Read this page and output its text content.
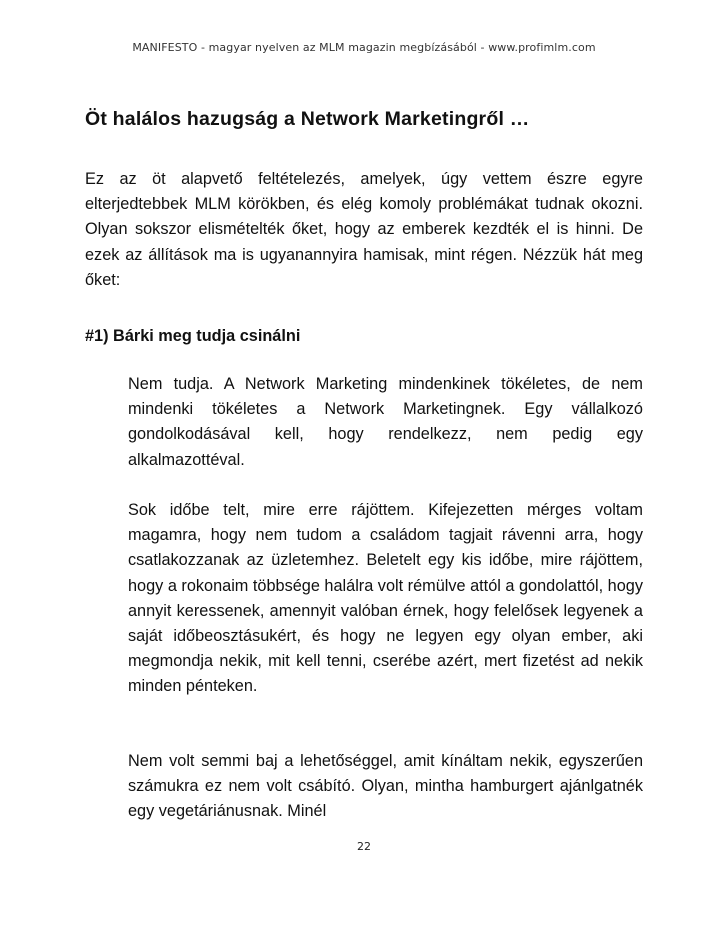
MANIFESTO - magyar nyelven az MLM magazin megbízásából - www.profimlm.com
Öt halálos hazugság a Network Marketingről …

Ez az öt alapvető feltételezés, amelyek, úgy vettem észre egyre elterjedtebbek MLM körökben, és elég komoly problémákat tudnak okozni. Olyan sokszor elismételték őket, hogy az emberek kezdték el is hinni. De ezek az állítások ma is ugyanannyira hamisak, mint régen. Nézzük hát meg őket:

#1) Bárki meg tudja csinálni

Nem tudja. A Network Marketing mindenkinek tökéletes, de nem mindenki tökéletes a Network Marketingnek. Egy vállalkozó gondolkodásával kell, hogy rendelkezz, nem pedig egy alkalmazottéval.

Sok időbe telt, mire erre rájöttem. Kifejezetten mérges voltam magamra, hogy nem tudom a családom tagjait rávenni arra, hogy csatlakozzanak az üzletemhez. Beletelt egy kis időbe, mire rájöttem, hogy a rokonaim többsége halálra volt rémülve attól a gondolattól, hogy annyit keressenek, amennyit valóban érnek, hogy felelősek legyenek a saját időbeosztásukért, és hogy ne legyen egy olyan ember, aki megmondja nekik, mit kell tenni, cserébe azért, mert fizetést ad nekik minden pénteken.

Nem volt semmi baj a lehetőséggel, amit kínáltam nekik, egyszerűen számukra ez nem volt csábító. Olyan, mintha hamburgert ajánlgatnék egy vegetáriánusnak. Minél

22
